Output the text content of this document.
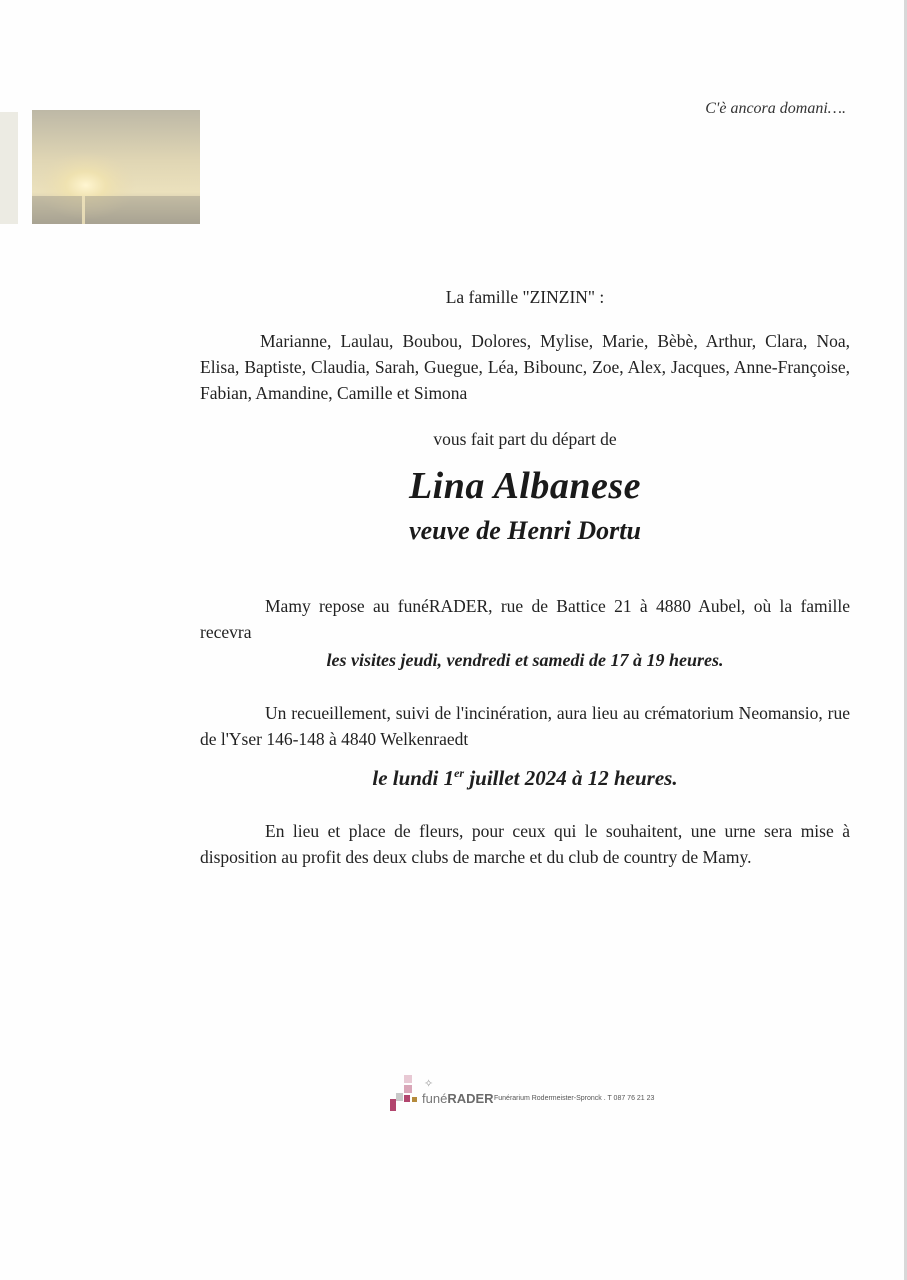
C'è ancora domani….
La famille "ZINZIN" :
Marianne, Laulau, Boubou, Dolores, Mylise, Marie, Bèbè, Arthur, Clara, Noa, Elisa, Baptiste, Claudia, Sarah, Guegue, Léa, Bibounc, Zoe, Alex, Jacques, Anne-Françoise, Fabian, Amandine, Camille et Simona
vous fait part du départ de
Lina Albanese
veuve de Henri Dortu
Mamy repose au funéRADER, rue de Battice 21 à 4880 Aubel, où la famille recevra
les visites jeudi, vendredi et samedi de 17 à 19 heures.
Un recueillement, suivi de l'incinération, aura lieu au crématorium Neomansio, rue de l'Yser 146-148 à 4840 Welkenraedt
le lundi 1er juillet 2024 à 12 heures.
En lieu et place de fleurs, pour ceux qui le souhaitent, une urne sera mise à disposition au profit des deux clubs de marche et du club de country de Mamy.
✧
funéRADER Funérarium Rodermeister-Spronck . T 087 76 21 23
